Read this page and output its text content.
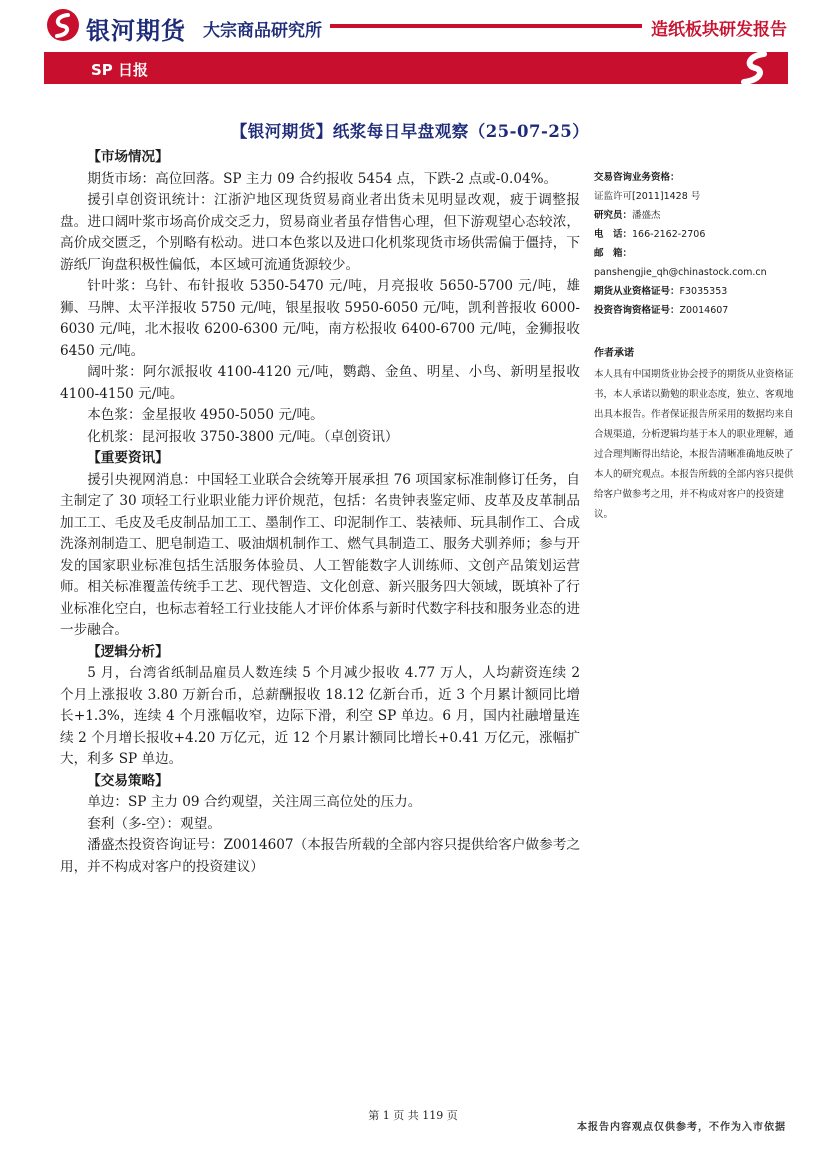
银河期货 大宗商品研究所	造纸板块研发报告
SP 日报
【银河期货】纸浆每日早盘观察（25-07-25）

【市场情况】

期货市场：高位回落。SP 主力 09 合约报收 5454 点，下跌-2 点或-0.04%。

援引卓创资讯统计：江浙沪地区现货贸易商业者出货未见明显改观，疲于调整报盘。进口阔叶浆市场高价成交乏力，贸易商业者虽存惜售心理，但下游观望心态较浓，高价成交匮乏，个别略有松动。进口本色浆以及进口化机浆现货市场供需偏于僵持，下游纸厂询盘积极性偏低，本区域可流通货源较少。

针叶浆：乌针、布针报收 5350-5470 元/吨，月亮报收 5650-5700 元/吨，雄狮、马牌、太平洋报收 5750 元/吨，银星报收 5950-6050 元/吨，凯利普报收 6000-6030 元/吨，北木报收 6200-6300 元/吨，南方松报收 6400-6700 元/吨，金狮报收 6450 元/吨。

阔叶浆：阿尔派报收 4100-4120 元/吨，鹦鹉、金鱼、明星、小鸟、新明星报收 4100-4150 元/吨。

本色浆：金星报收 4950-5050 元/吨。

化机浆：昆河报收 3750-3800 元/吨。（卓创资讯）

【重要资讯】

援引央视网消息：中国轻工业联合会统筹开展承担 76 项国家标准制修订任务，自主制定了 30 项轻工行业职业能力评价规范，包括：名贵钟表鉴定师、皮革及皮革制品加工工、毛皮及毛皮制品加工工、墨制作工、印泥制作工、装裱师、玩具制作工、合成洗涤剂制造工、肥皂制造工、吸油烟机制作工、燃气具制造工、服务犬驯养师；参与开发的国家职业标准包括生活服务体验员、人工智能数字人训练师、文创产品策划运营师。相关标准覆盖传统手工艺、现代智造、文化创意、新兴服务四大领域，既填补了行业标准化空白，也标志着轻工行业技能人才评价体系与新时代数字科技和服务业态的进一步融合。

【逻辑分析】

5 月，台湾省纸制品雇员人数连续 5 个月减少报收 4.77 万人，人均薪资连续 2 个月上涨报收 3.80 万新台币，总薪酬报收 18.12 亿新台币，近 3 个月累计额同比增长+1.3%，连续 4 个月涨幅收窄，边际下滑，利空 SP 单边。6 月，国内社融增量连续 2 个月增长报收+4.20 万亿元，近 12 个月累计额同比增长+0.41 万亿元，涨幅扩大，利多 SP 单边。

【交易策略】

单边：SP 主力 09 合约观望，关注周三高位处的压力。

套利（多-空）：观望。

潘盛杰投资咨询证号：Z0014607（本报告所载的全部内容只提供给客户做参考之用，并不构成对客户的投资建议）

交易咨询业务资格：
证监许可[2011]1428 号
研究员：潘盛杰
电　话：166-2162-2706
邮　箱：
panshengjie_qh@chinastock.com.cn
期货从业资格证号：F3035353
投资咨询资格证号：Z0014607
作者承诺
本人具有中国期货业协会授予的期货从业资格证书，本人承诺以勤勉的职业态度，独立、客观地出具本报告。作者保证报告所采用的数据均来自合规渠道，分析逻辑均基于本人的职业理解，通过合理判断得出结论，本报告清晰准确地反映了本人的研究观点。本报告所载的全部内容只提供给客户做参考之用，并不构成对客户的投资建议。
第 1 页 共 119 页
本报告内容观点仅供参考，不作为入市依据
